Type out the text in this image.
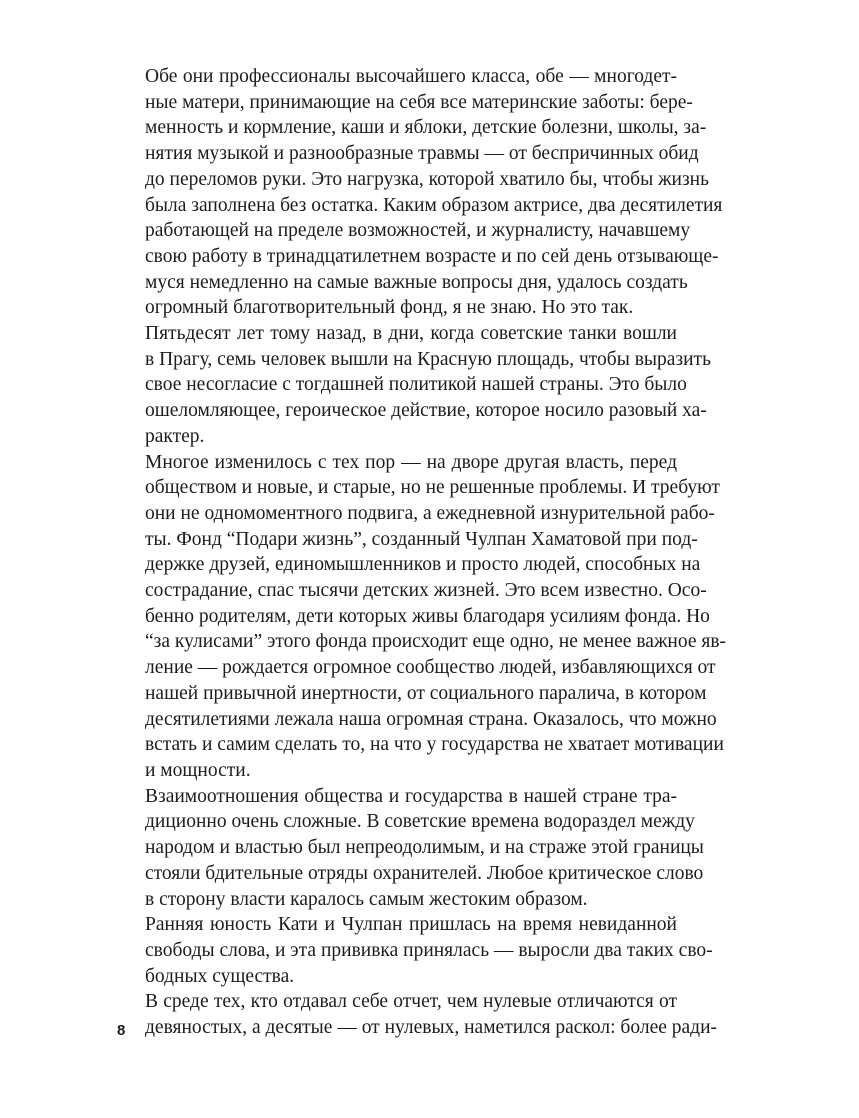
Обе они профессионалы высочайшего класса, обе — многодет-
ные матери, принимающие на себя все материнские заботы: бере-
менность и кормление, каши и яблоки, детские болезни, школы, за-
нятия музыкой и разнообразные травмы — от беспричинных обид
до переломов руки. Это нагрузка, которой хватило бы, чтобы жизнь
была заполнена без остатка. Каким образом актрисе, два десятилетия
работающей на пределе возможностей, и журналисту, начавшему
свою работу в тринадцатилетнем возрасте и по сей день отзывающе-
муся немедленно на самые важные вопросы дня, удалось создать
огромный благотворительный фонд, я не знаю. Но это так.

Пятьдесят лет тому назад, в дни, когда советские танки вошли
в Прагу, семь человек вышли на Красную площадь, чтобы выразить
свое несогласие с тогдашней политикой нашей страны. Это было
ошеломляющее, героическое действие, которое носило разовый ха-
рактер.

Многое изменилось с тех пор — на дворе другая власть, перед
обществом и новые, и старые, но не решенные проблемы. И требуют
они не одномоментного подвига, а ежедневной изнурительной рабо-
ты. Фонд “Подари жизнь”, созданный Чулпан Хаматовой при под-
держке друзей, единомышленников и просто людей, способных на
сострадание, спас тысячи детских жизней. Это всем известно. Осо-
бенно родителям, дети которых живы благодаря усилиям фонда. Но
“за кулисами” этого фонда происходит еще одно, не менее важное яв-
ление — рождается огромное сообщество людей, избавляющихся от
нашей привычной инертности, от социального паралича, в котором
десятилетиями лежала наша огромная страна. Оказалось, что можно
встать и самим сделать то, на что у государства не хватает мотивации
и мощности.

Взаимоотношения общества и государства в нашей стране тра-
диционно очень сложные. В советские времена водораздел между
народом и властью был непреодолимым, и на страже этой границы
стояли бдительные отряды охранителей. Любое критическое слово
в сторону власти каралось самым жестоким образом.

Ранняя юность Кати и Чулпан пришлась на время невиданной
свободы слова, и эта прививка принялась — выросли два таких сво-
бодных существа.

В среде тех, кто отдавал себе отчет, чем нулевые отличаются от
девяностых, а десятые — от нулевых, наметился раскол: более ради-

8
